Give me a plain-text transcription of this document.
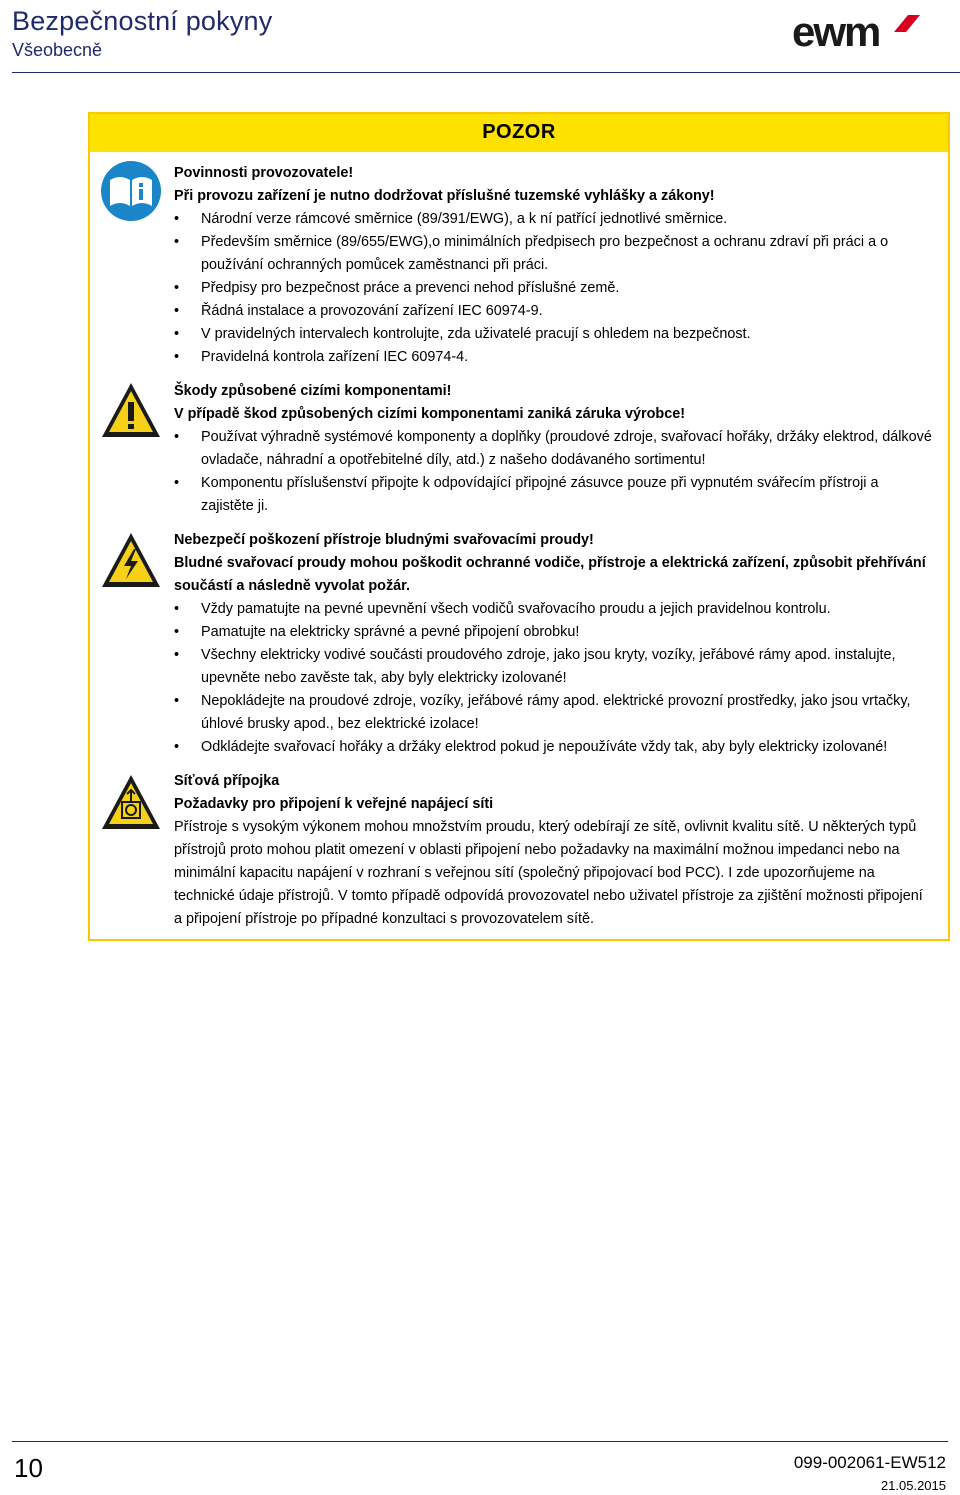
Bezpečnostní pokyny
Všeobecně	ewm
POZOR

Povinnosti provozovatele!

Při provozu zařízení je nutno dodržovat příslušné tuzemské vyhlášky a zákony!

• Národní verze rámcové směrnice (89/391/EWG), a k ní patřící jednotlivé směrnice.
• Především směrnice (89/655/EWG),o minimálních předpisech pro bezpečnost a ochranu zdraví při práci a o používání ochranných pomůcek zaměstnanci při práci.
• Předpisy pro bezpečnost práce a prevenci nehod příslušné země.
• Řádná instalace a provozování zařízení IEC 60974-9.
• V pravidelných intervalech kontrolujte, zda uživatelé pracují s ohledem na bezpečnost.
• Pravidelná kontrola zařízení IEC 60974-4.

Škody způsobené cizími komponentami!

V případě škod způsobených cizími komponentami zaniká záruka výrobce!

• Používat výhradně systémové komponenty a doplňky (proudové zdroje, svařovací hořáky, držáky elektrod, dálkové ovladače, náhradní a opotřebitelné díly, atd.) z našeho dodávaného sortimentu!
• Komponentu příslušenství připojte k odpovídající připojné zásuvce pouze při vypnutém svářecím přístroji a zajistěte ji.

Nebezpečí poškození přístroje bludnými svařovacími proudy!

Bludné svařovací proudy mohou poškodit ochranné vodiče, přístroje a elektrická zařízení, způsobit přehřívání součástí a následně vyvolat požár.

• Vždy pamatujte na pevné upevnění všech vodičů svařovacího proudu a jejich pravidelnou kontrolu.
• Pamatujte na elektricky správné a pevné připojení obrobku!
• Všechny elektricky vodivé součásti proudového zdroje, jako jsou kryty, vozíky, jeřábové rámy apod. instalujte, upevněte nebo zavěste tak, aby byly elektricky izolované!
• Nepokládejte na proudové zdroje, vozíky, jeřábové rámy apod. elektrické provozní prostředky, jako jsou vrtačky, úhlové brusky apod., bez elektrické izolace!
• Odkládejte svařovací hořáky a držáky elektrod pokud je nepoužíváte vždy tak, aby byly elektricky izolované!

Síťová přípojka

Požadavky pro připojení k veřejné napájecí síti

Přístroje s vysokým výkonem mohou množstvím proudu, který odebírají ze sítě, ovlivnit kvalitu sítě. U některých typů přístrojů proto mohou platit omezení v oblasti připojení nebo požadavky na maximální možnou impedanci nebo na minimální kapacitu napájení v rozhraní s veřejnou sítí (společný připojovací bod PCC). I zde upozorňujeme na technické údaje přístrojů. V tomto případě odpovídá provozovatel nebo uživatel přístroje za zjištění možnosti připojení a připojení přístroje po případné konzultaci s provozovatelem sítě.

10	099-002061-EW512
21.05.2015
